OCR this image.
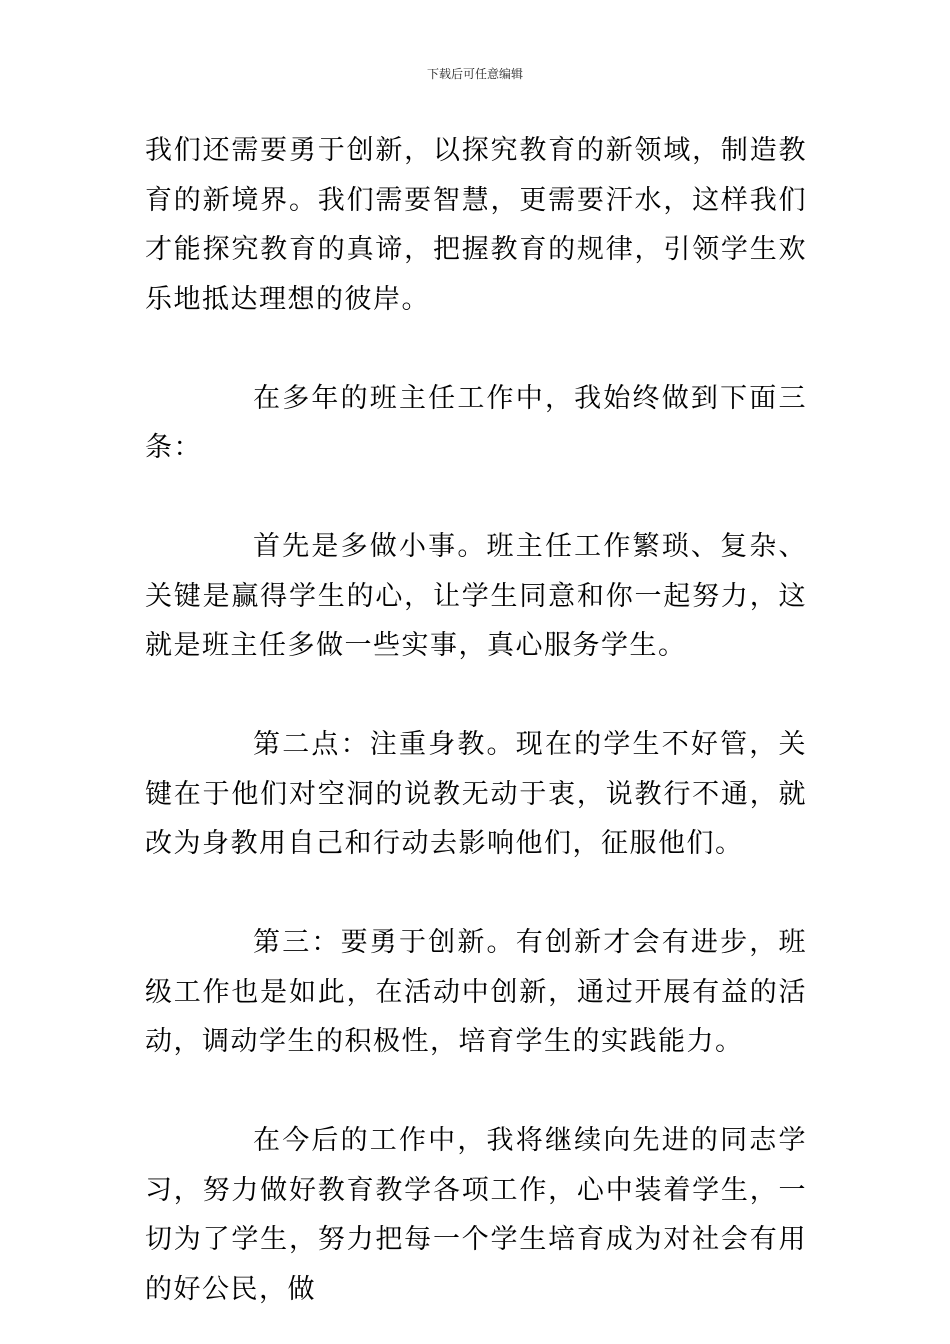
下载后可任意编辑

我们还需要勇于创新，以探究教育的新领域，制造教育的新境界。我们需要智慧，更需要汗水，这样我们才能探究教育的真谛，把握教育的规律，引领学生欢乐地抵达理想的彼岸。

在多年的班主任工作中，我始终做到下面三条：

首先是多做小事。班主任工作繁琐、复杂、关键是赢得学生的心，让学生同意和你一起努力，这就是班主任多做一些实事，真心服务学生。

第二点：注重身教。现在的学生不好管，关键在于他们对空洞的说教无动于衷，说教行不通，就改为身教用自己和行动去影响他们，征服他们。

第三：要勇于创新。有创新才会有进步，班级工作也是如此，在活动中创新，通过开展有益的活动，调动学生的积极性，培育学生的实践能力。

在今后的工作中，我将继续向先进的同志学习，努力做好教育教学各项工作，心中装着学生，一切为了学生，努力把每一个学生培育成为对社会有用的好公民，做
